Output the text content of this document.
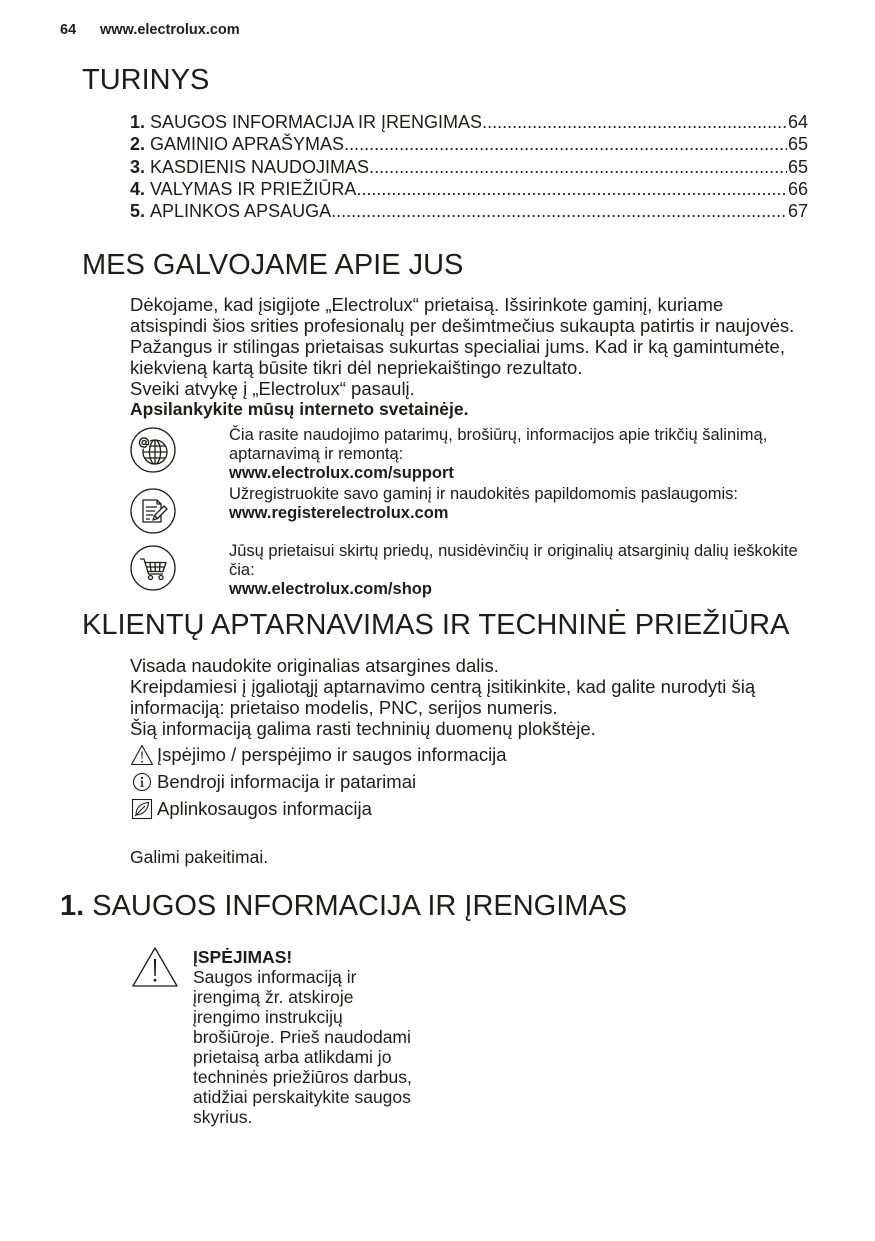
64 www.electrolux.com
TURINYS
1. SAUGOS INFORMACIJA IR ĮRENGIMAS .....	64
2. GAMINIO APRAŠYMAS .....	65
3. KASDIENIS NAUDOJIMAS .....	65
4. VALYMAS IR PRIEŽIŪRA .....	66
5. APLINKOS APSAUGA .....	67
MES GALVOJAME APIE JUS
Dėkojame, kad įsigijote „Electrolux“ prietaisą. Išsirinkote gaminį, kuriame
atsispindi šios srities profesionalų per dešimtmečius sukaupta patirtis ir naujovės.
Pažangus ir stilingas prietaisas sukurtas specialiai jums. Kad ir ką gamintumėte,
kiekvieną kartą būsite tikri dėl nepriekaištingo rezultato.
Sveiki atvykę į „Electrolux“ pasaulį.
Apsilankykite mūsų interneto svetainėje.
Čia rasite naudojimo patarimų, brošiūrų, informacijos apie trikčių šalinimą,
aptarnavimą ir remontą:
www.electrolux.com/support
Užregistruokite savo gaminį ir naudokitės papildomomis paslaugomis:
www.registerelectrolux.com
Jūsų prietaisui skirtų priedų, nusidėvinčių ir originalių atsarginių dalių ieškokite
čia:
www.electrolux.com/shop
KLIENTŲ APTARNAVIMAS IR TECHNINĖ PRIEŽIŪRA
Visada naudokite originalias atsargines dalis.
Kreipdamiesi į įgaliotąjį aptarnavimo centrą įsitikinkite, kad galite nurodyti šią
informaciją: prietaiso modelis, PNC, serijos numeris.
Šią informaciją galima rasti techninių duomenų plokštėje.
Įspėjimo / perspėjimo ir saugos informacija
Bendroji informacija ir patarimai
Aplinkosaugos informacija
Galimi pakeitimai.
1. SAUGOS INFORMACIJA IR ĮRENGIMAS
ĮSPĖJIMAS!
Saugos informaciją ir
įrengimą žr. atskiroje
įrengimo instrukcijų
brošiūroje. Prieš naudodami
prietaisą arba atlikdami jo
techninės priežiūros darbus,
atidžiai perskaitykite saugos
skyrius.
